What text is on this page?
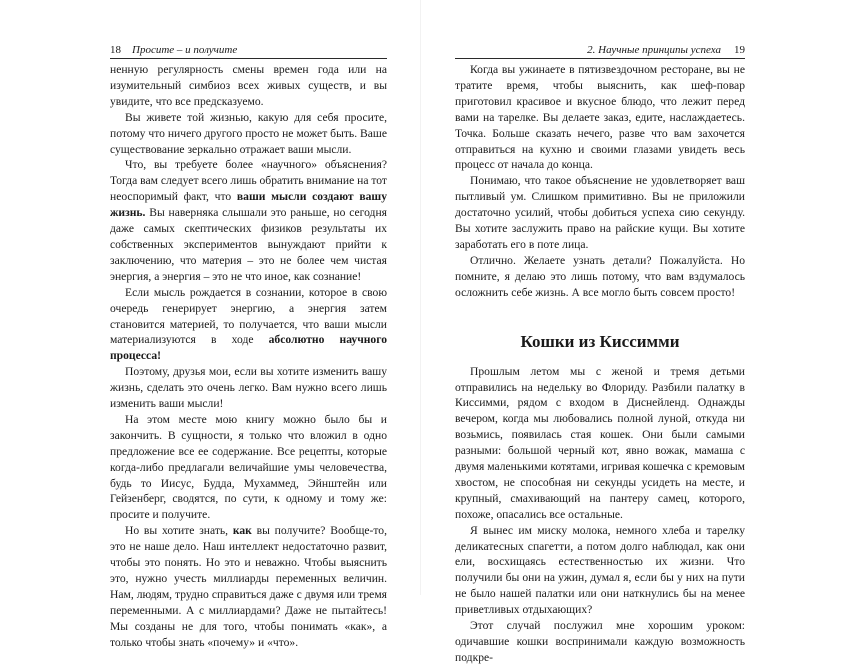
18 Просите – и получите

ненную регулярность смены времен года или на изумительный симбиоз всех живых существ, и вы увидите, что все предсказуемо.

Вы живете той жизнью, какую для себя просите, потому что ничего другого просто не может быть. Ваше существование зеркально отражает ваши мысли.

Что, вы требуете более «научного» объяснения? Тогда вам следует всего лишь обратить внимание на тот неоспоримый факт, что ваши мысли создают вашу жизнь. Вы наверняка слышали это раньше, но сегодня даже самых скептических физиков результаты их собственных экспериментов вынуждают прийти к заключению, что материя – это не более чем чистая энергия, а энергия – это не что иное, как сознание!

Если мысль рождается в сознании, которое в свою очередь генерирует энергию, а энергия затем становится материей, то получается, что ваши мысли материализуются в ходе абсолютно научного процесса!

Поэтому, друзья мои, если вы хотите изменить вашу жизнь, сделать это очень легко. Вам нужно всего лишь изменить ваши мысли!

На этом месте мою книгу можно было бы и закончить. В сущности, я только что вложил в одно предложение все ее содержание. Все рецепты, которые когда-либо предлагали величайшие умы человечества, будь то Иисус, Будда, Мухаммед, Эйнштейн или Гейзенберг, сводятся, по сути, к одному и тому же: просите и получите.

Но вы хотите знать, как вы получите? Вообще-то, это не наше дело. Наш интеллект недостаточно развит, чтобы это понять. Но это и неважно. Чтобы выяснить это, нужно учесть миллиарды переменных величин. Нам, людям, трудно справиться даже с двумя или тремя переменными. А с миллиардами? Даже не пытайтесь! Мы созданы не для того, чтобы понимать «как», а только чтобы знать «почему» и «что».

2. Научные принципы успеха 19

Когда вы ужинаете в пятизвездочном ресторане, вы не тратите время, чтобы выяснить, как шеф-повар приготовил красивое и вкусное блюдо, что лежит перед вами на тарелке. Вы делаете заказ, едите, наслаждаетесь. Точка. Больше сказать нечего, разве что вам захочется отправиться на кухню и своими глазами увидеть весь процесс от начала до конца.

Понимаю, что такое объяснение не удовлетворяет ваш пытливый ум. Слишком примитивно. Вы не приложили достаточно усилий, чтобы добиться успеха сию секунду. Вы хотите заслужить право на райские кущи. Вы хотите заработать его в поте лица.

Отлично. Желаете узнать детали? Пожалуйста. Но помните, я делаю это лишь потому, что вам вздумалось осложнить себе жизнь. А все могло быть совсем просто!

Кошки из Киссимми

Прошлым летом мы с женой и тремя детьми отправились на недельку во Флориду. Разбили палатку в Киссимми, рядом с входом в Диснейленд. Однажды вечером, когда мы любовались полной луной, откуда ни возьмись, появилась стая кошек. Они были самыми разными: большой черный кот, явно вожак, мамаша с двумя маленькими котятами, игривая кошечка с кремовым хвостом, не способная ни секунды усидеть на месте, и крупный, смахивающий на пантеру самец, которого, похоже, опасались все остальные.

Я вынес им миску молока, немного хлеба и тарелку деликатесных спагетти, а потом долго наблюдал, как они ели, восхищаясь естественностью их жизни. Что получили бы они на ужин, думал я, если бы у них на пути не было нашей палатки или они наткнулись бы на менее приветливых отдыхающих?

Этот случай послужил мне хорошим уроком: одичавшие кошки воспринимали каждую возможность подкре-
